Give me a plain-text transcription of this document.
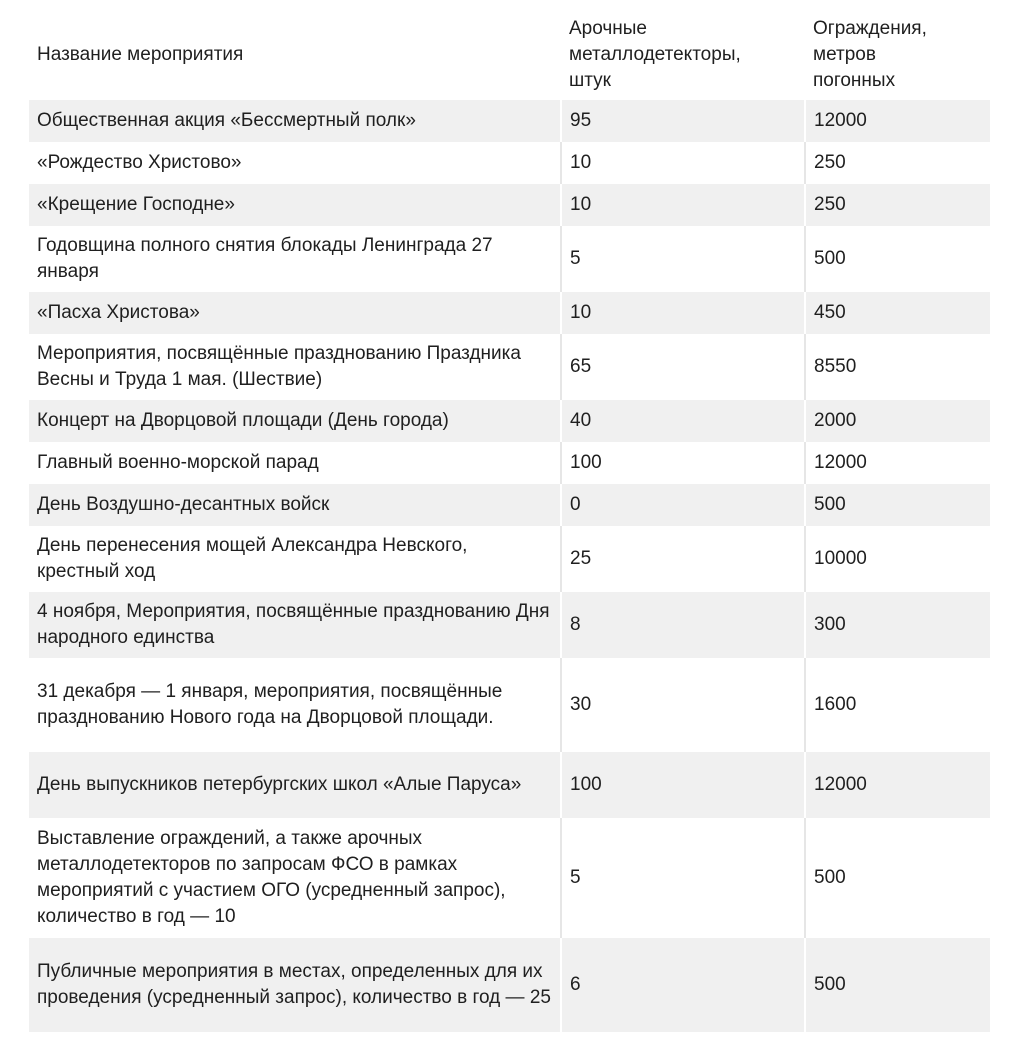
Название мероприятия	Арочные металлодетекторы, штук	Ограждения, метров погонных
Общественная акция «Бессмертный полк»	95	12000
«Рождество Христово»	10	250
«Крещение Господне»	10	250
Годовщина полного снятия блокады Ленинграда 27 января	5	500
«Пасха Христова»	10	450
Мероприятия, посвящённые празднованию Праздника Весны и Труда 1 мая. (Шествие)	65	8550
Концерт на Дворцовой площади (День города)	40	2000
Главный военно-морской парад	100	12000
День Воздушно-десантных войск	0	500
День перенесения мощей Александра Невского, крестный ход	25	10000
4 ноября, Мероприятия, посвящённые празднованию Дня народного единства	8	300
31 декабря — 1 января, мероприятия, посвящённые празднованию Нового года на Дворцовой площади.	30	1600
День выпускников петербургских школ «Алые Паруса»	100	12000
Выставление ограждений, а также арочных металлодетекторов по запросам ФСО в рамках мероприятий с участием ОГО (усредненный запрос), количество в год — 10	5	500
Публичные мероприятия в местах, определенных для их проведения (усредненный запрос), количество в год — 25	6	500
